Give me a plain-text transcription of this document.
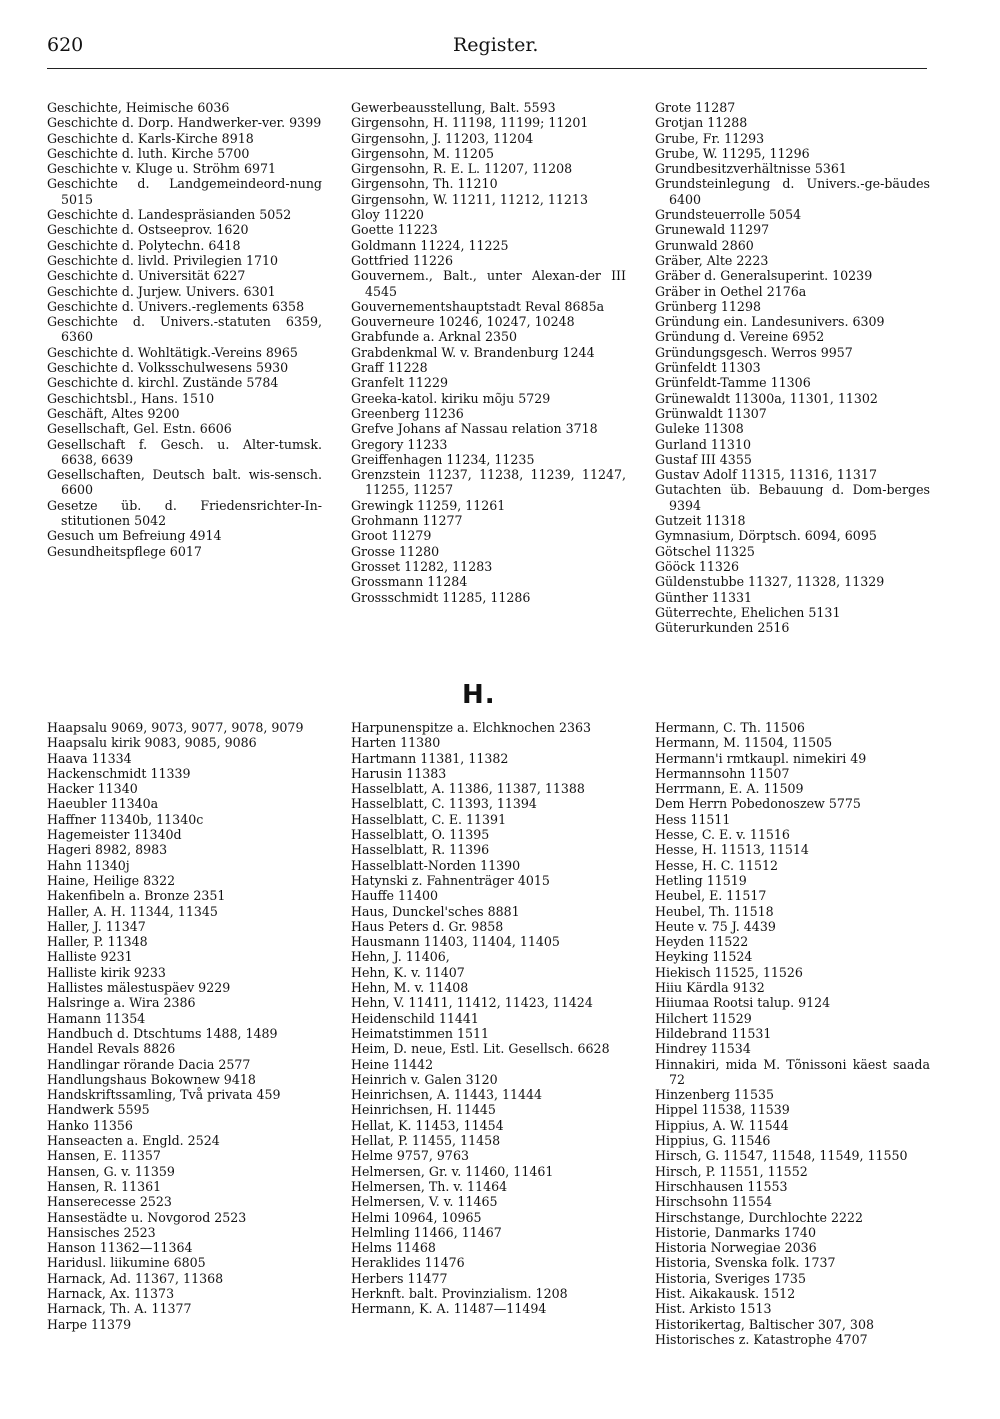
620	Register.
Geschichte, Heimische 6036
Geschichte d. Dorp. Handwerker-ver. 9399
Geschichte d. Karls-Kirche 8918
Geschichte d. luth. Kirche 5700
Geschichte v. Kluge u. Ströhm 6971
Geschichte d. Landgemeindeord-nung 5015
Geschichte d. Landespräsianden 5052
Geschichte d. Ostseeprov. 1620
Geschichte d. Polytechn. 6418
Geschichte d. livld. Privilegien 1710
Geschichte d. Universität 6227
Geschichte d. Jurjew. Univers. 6301
Geschichte d. Univers.-reglements 6358
Geschichte d. Univers.-statuten 6359, 6360
Geschichte d. Wohltätigk.-Vereins 8965
Geschichte d. Volksschulwesens 5930
Geschichte d. kirchl. Zustände 5784
Geschichtsbl., Hans. 1510
Geschäft, Altes 9200
Gesellschaft, Gel. Estn. 6606
Gesellschaft f. Gesch. u. Alter-tumsk. 6638, 6639
Gesellschaften, Deutsch balt. wis-sensch. 6600
Gesetze üb. d. Friedensrichter-In-stitutionen 5042
Gesuch um Befreiung 4914
Gesundheitspflege 6017
Gewerbeausstellung, Balt. 5593
Girgensohn, H. 11198, 11199; 11201
Girgensohn, J. 11203, 11204
Girgensohn, M. 11205
Girgensohn, R. E. L. 11207, 11208
Girgensohn, Th. 11210
Girgensohn, W. 11211, 11212, 11213
Gloy 11220
Goette 11223
Goldmann 11224, 11225
Gottfried 11226
Gouvernem., Balt., unter Alexan-der III 4545
Gouvernementshauptstadt Reval 8685a
Gouverneure 10246, 10247, 10248
Grabfunde a. Arknal 2350
Grabdenkmal W. v. Brandenburg 1244
Graff 11228
Granfelt 11229
Greeka-katol. kiriku mõju 5729
Greenberg 11236
Grefve Johans af Nassau relation 3718
Gregory 11233
Greiffenhagen 11234, 11235
Grenzstein 11237, 11238, 11239, 11247, 11255, 11257
Grewingk 11259, 11261
Grohmann 11277
Groot 11279
Grosse 11280
Grosset 11282, 11283
Grossmann 11284
Grossschmidt 11285, 11286
Grote 11287
Grotjan 11288
Grube, Fr. 11293
Grube, W. 11295, 11296
Grundbesitzverhältnisse 5361
Grundsteinlegung d. Univers.-ge-bäudes 6400
Grundsteuerrolle 5054
Grunewald 11297
Grunwald 2860
Gräber, Alte 2223
Gräber d. Generalsuperint. 10239
Gräber in Oethel 2176a
Grünberg 11298
Gründung ein. Landesunivers. 6309
Gründung d. Vereine 6952
Gründungsgesch. Werros 9957
Grünfeldt 11303
Grünfeldt-Tamme 11306
Grünewaldt 11300a, 11301, 11302
Grünwaldt 11307
Guleke 11308
Gurland 11310
Gustaf III 4355
Gustav Adolf 11315, 11316, 11317
Gutachten üb. Bebauung d. Dom-berges 9394
Gutzeit 11318
Gymnasium, Dörptsch. 6094, 6095
Götschel 11325
Gööck 11326
Güldenstubbe 11327, 11328, 11329
Günther 11331
Güterrechte, Ehelichen 5131
Güterurkunden 2516
H.
Haapsalu 9069, 9073, 9077, 9078, 9079
Haapsalu kirik 9083, 9085, 9086
Haava 11334
Hackenschmidt 11339
Hacker 11340
Haeubler 11340a
Haffner 11340b, 11340c
Hagemeister 11340d
Hageri 8982, 8983
Hahn 11340j
Haine, Heilige 8322
Hakenfibeln a. Bronze 2351
Haller, A. H. 11344, 11345
Haller, J. 11347
Haller, P. 11348
Halliste 9231
Halliste kirik 9233
Hallistes mälestuspäev 9229
Halsringe a. Wira 2386
Hamann 11354
Handbuch d. Dtschtums 1488, 1489
Handel Revals 8826
Handlingar rörande Dacia 2577
Handlungshaus Bokownew 9418
Handskriftssamling, Två privata 459
Handwerk 5595
Hanko 11356
Hanseacten a. Engld. 2524
Hansen, E. 11357
Hansen, G. v. 11359
Hansen, R. 11361
Hanserecesse 2523
Hansestädte u. Novgorod 2523
Hansisches 2523
Hanson 11362—11364
Haridusl. liikumine 6805
Harnack, Ad. 11367, 11368
Harnack, Ax. 11373
Harnack, Th. A. 11377
Harpe 11379
Harpunenspitze a. Elchknochen 2363
Harten 11380
Hartmann 11381, 11382
Harusin 11383
Hasselblatt, A. 11386, 11387, 11388
Hasselblatt, C. 11393, 11394
Hasselblatt, C. E. 11391
Hasselblatt, O. 11395
Hasselblatt, R. 11396
Hasselblatt-Norden 11390
Hatynski z. Fahnenträger 4015
Hauffe 11400
Haus, Dunckel'sches 8881
Haus Peters d. Gr. 9858
Hausmann 11403, 11404, 11405
Hehn, J. 11406,
Hehn, K. v. 11407
Hehn, M. v. 11408
Hehn, V. 11411, 11412, 11423, 11424
Heidenschild 11441
Heimatstimmen 1511
Heim, D. neue, Estl. Lit. Gesellsch. 6628
Heine 11442
Heinrich v. Galen 3120
Heinrichsen, A. 11443, 11444
Heinrichsen, H. 11445
Hellat, K. 11453, 11454
Hellat, P. 11455, 11458
Helme 9757, 9763
Helmersen, Gr. v. 11460, 11461
Helmersen, Th. v. 11464
Helmersen, V. v. 11465
Helmi 10964, 10965
Helmling 11466, 11467
Helms 11468
Heraklides 11476
Herbers 11477
Herknft. balt. Provinzialism. 1208
Hermann, K. A. 11487—11494
Hermann, C. Th. 11506
Hermann, M. 11504, 11505
Hermann'i rmtkaupl. nimekiri 49
Hermannsohn 11507
Herrmann, E. A. 11509
Dem Herrn Pobedonoszew 5775
Hess 11511
Hesse, C. E. v. 11516
Hesse, H. 11513, 11514
Hesse, H. C. 11512
Hetling 11519
Heubel, E. 11517
Heubel, Th. 11518
Heute v. 75 J. 4439
Heyden 11522
Heyking 11524
Hiekisch 11525, 11526
Hiiu Kärdla 9132
Hiiumaa Rootsi talup. 9124
Hilchert 11529
Hildebrand 11531
Hindrey 11534
Hinnakiri, mida M. Tõnissoni käest saada 72
Hinzenberg 11535
Hippel 11538, 11539
Hippius, A. W. 11544
Hippius, G. 11546
Hirsch, G. 11547, 11548, 11549, 11550
Hirsch, P. 11551, 11552
Hirschhausen 11553
Hirschsohn 11554
Hirschstange, Durchlochte 2222
Historie, Danmarks 1740
Historia Norwegiae 2036
Historia, Svenska folk. 1737
Historia, Sveriges 1735
Hist. Aikakausk. 1512
Hist. Arkisto 1513
Historikertag, Baltischer 307, 308
Historisches z. Katastrophe 4707
